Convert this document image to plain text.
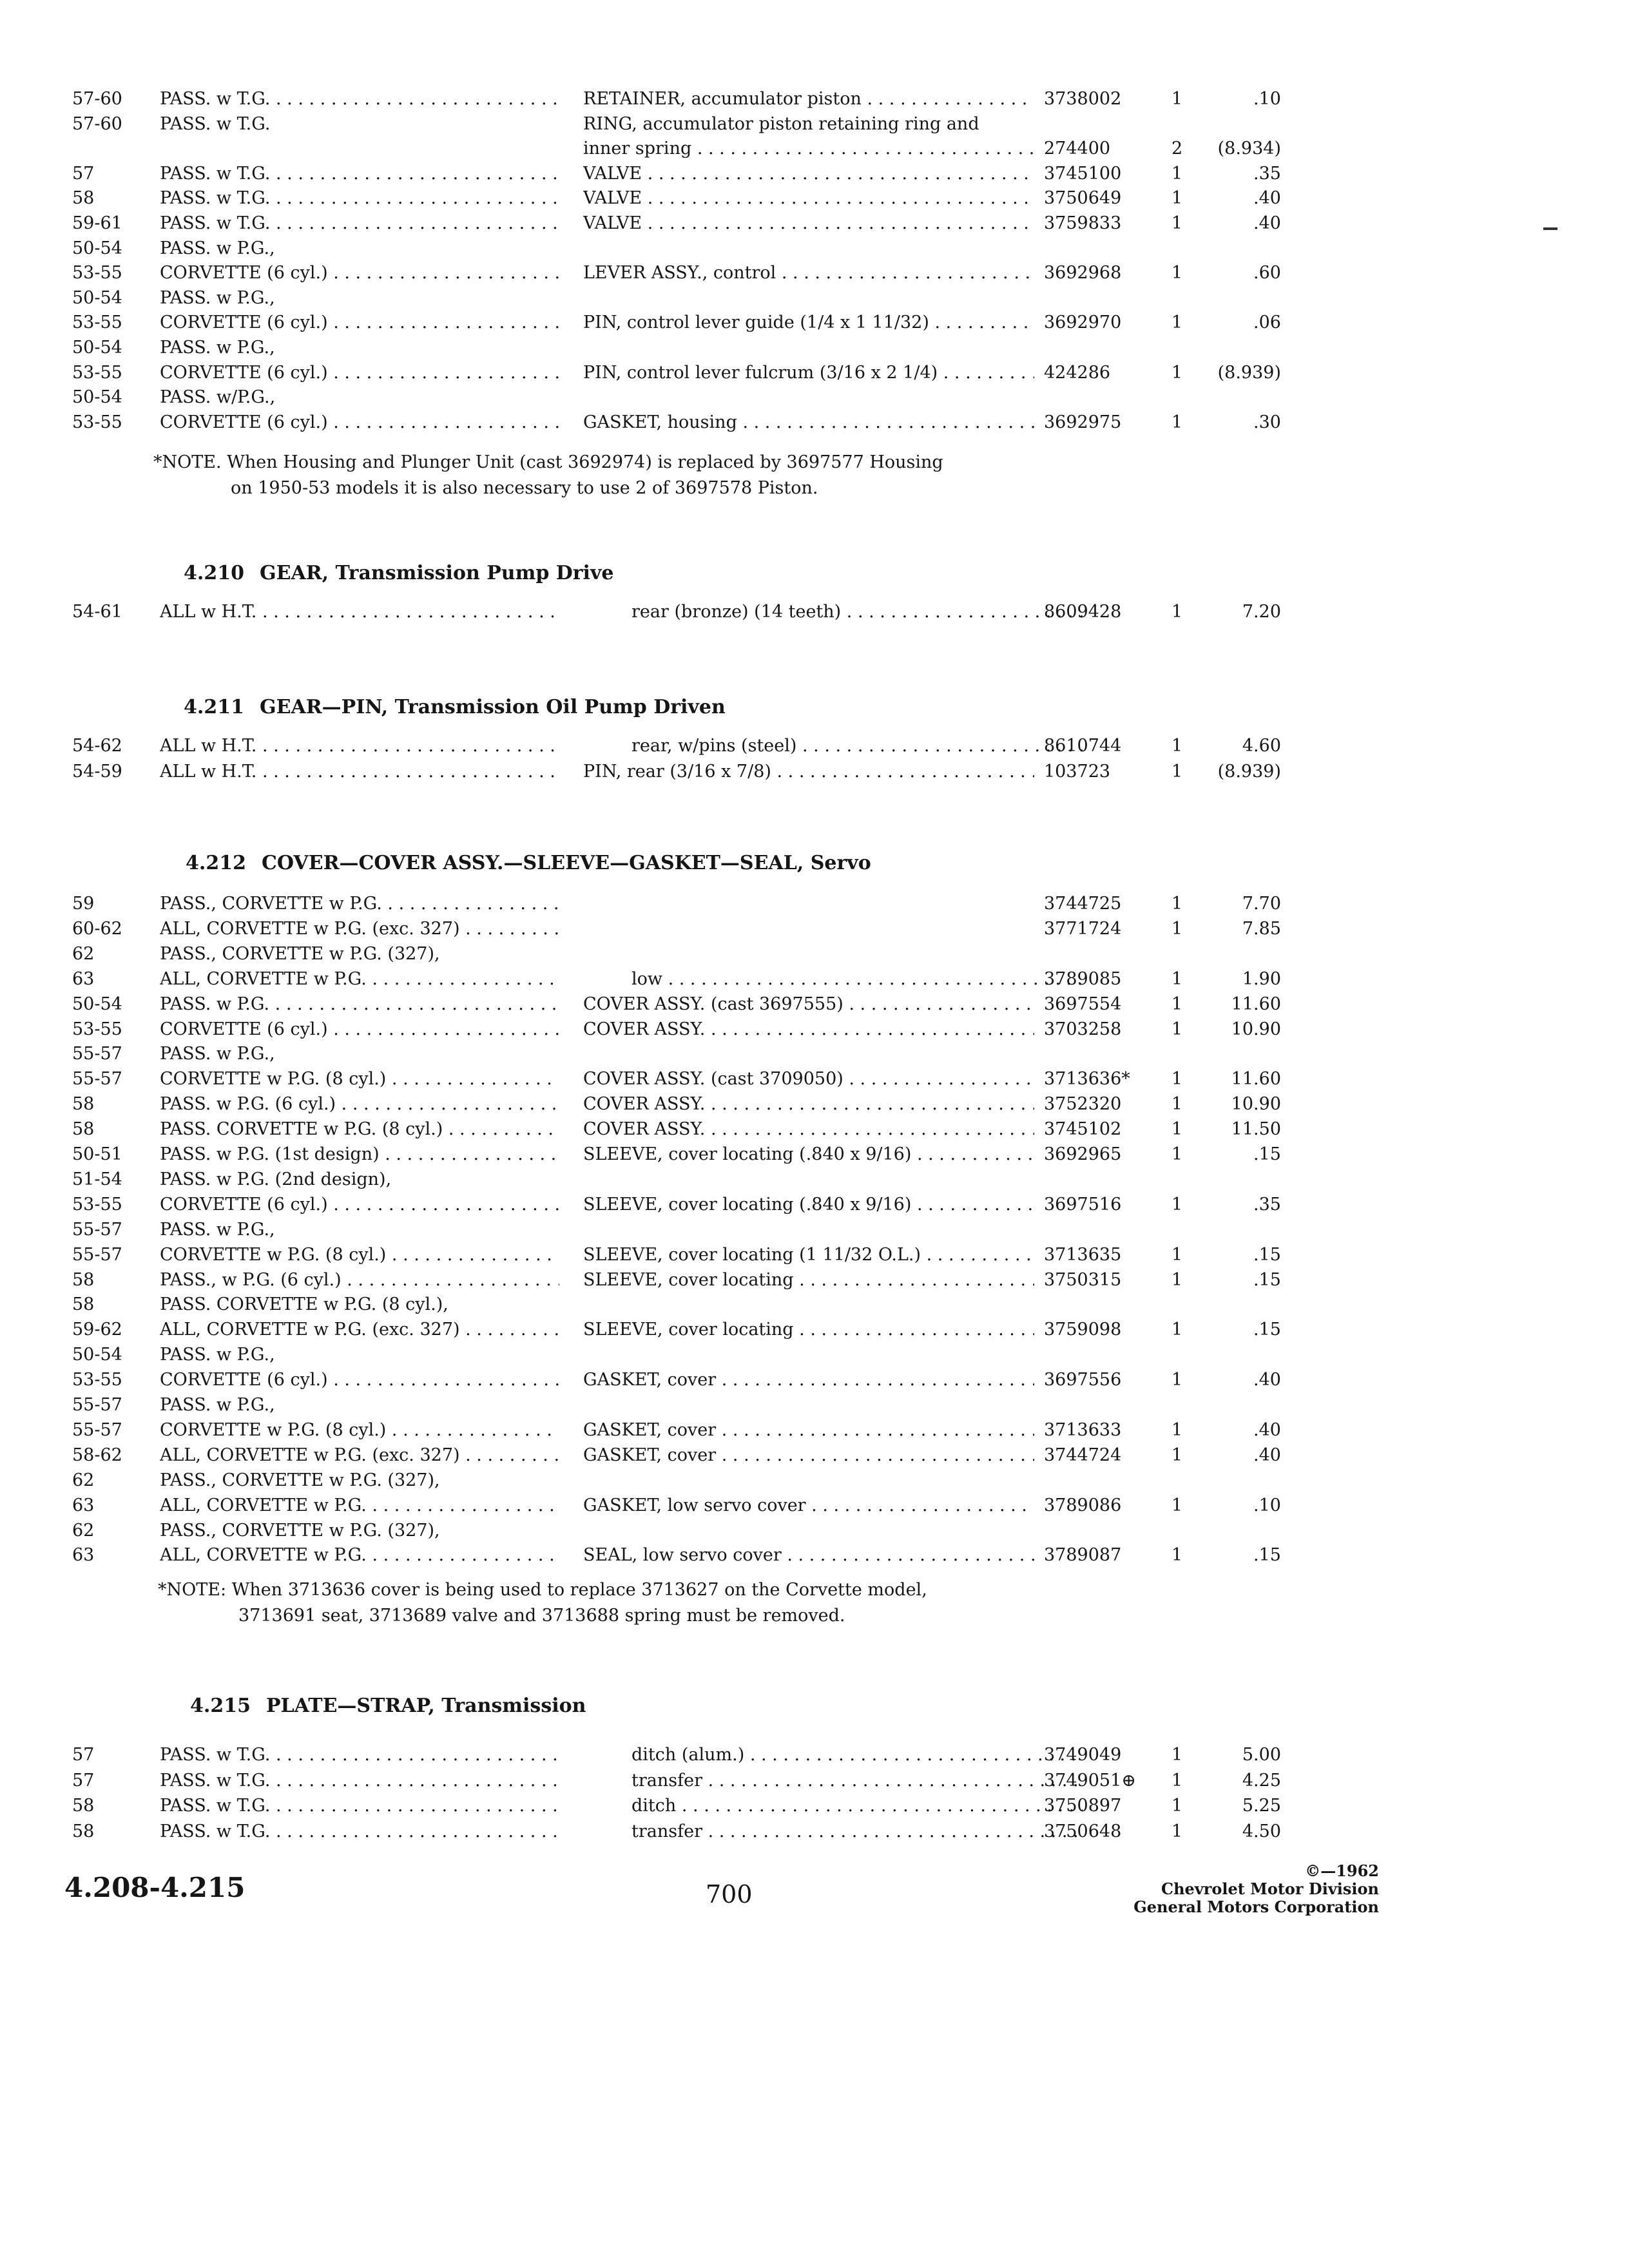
57-60	PASS. w T.G. . . .	RETAINER, accumulator piston . . .	3738002	1	.10
57-60	PASS. w T.G.	RING, accumulator piston retaining ring and
inner spring . . .	274400	2	(8.934)
57	PASS. w T.G. . . .	VALVE . . .	3745100	1	.35
58	PASS. w T.G. . . .	VALVE . . .	3750649	1	.40
59-61	PASS. w T.G. . . .	VALVE . . .	3759833	1	.40
50-54	PASS. w P.G.,
53-55	CORVETTE (6 cyl.) . . .	LEVER ASSY., control . . .	3692968	1	.60
50-54	PASS. w P.G.,
53-55	CORVETTE (6 cyl.) . . .	PIN, control lever guide (1/4 x 1 11/32) . . .	3692970	1	.06
50-54	PASS. w P.G.,
53-55	CORVETTE (6 cyl.) . . .	PIN, control lever fulcrum (3/16 x 2 1/4) . . .	424286	1	(8.939)
50-54	PASS. w/P.G.,
53-55	CORVETTE (6 cyl.) . . .	GASKET, housing . . .	3692975	1	.30
*NOTE. When Housing and Plunger Unit (cast 3692974) is replaced by 3697577 Housing
on 1950-53 models it is also necessary to use 2 of 3697578 Piston.
4.210 GEAR, Transmission Pump Drive
54-61	ALL w H.T. . . .	rear (bronze) (14 teeth) . . .	8609428	1	7.20
4.211 GEAR—PIN, Transmission Oil Pump Driven
54-62	ALL w H.T. . . .	rear, w/pins (steel) . . .	8610744	1	4.60
54-59	ALL w H.T. . . .	PIN, rear (3/16 x 7/8) . . .	103723	1	(8.939)
4.212 COVER—COVER ASSY.—SLEEVE—GASKET—SEAL, Servo
59	PASS., CORVETTE w P.G. . . .	3744725	1	7.70
60-62	ALL, CORVETTE w P.G. (exc. 327) . . .	3771724	1	7.85
62	PASS., CORVETTE w P.G. (327),
63	ALL, CORVETTE w P.G. . . .	low . . .	3789085	1	1.90
50-54	PASS. w P.G. . . .	COVER ASSY. (cast 3697555) . . .	3697554	1	11.60
53-55	CORVETTE (6 cyl.) . . .	COVER ASSY. . . .	3703258	1	10.90
55-57	PASS. w P.G.,
55-57	CORVETTE w P.G. (8 cyl.) . . .	COVER ASSY. (cast 3709050) . . .	3713636*	1	11.60
58	PASS. w P.G. (6 cyl.) . . .	COVER ASSY. . . .	3752320	1	10.90
58	PASS. CORVETTE w P.G. (8 cyl.) . . .	COVER ASSY. . . .	3745102	1	11.50
50-51	PASS. w P.G. (1st design) . . .	SLEEVE, cover locating (.840 x 9/16) . . .	3692965	1	.15
51-54	PASS. w P.G. (2nd design),
53-55	CORVETTE (6 cyl.) . . .	SLEEVE, cover locating (.840 x 9/16) . . .	3697516	1	.35
55-57	PASS. w P.G.,
55-57	CORVETTE w P.G. (8 cyl.) . . .	SLEEVE, cover locating (1 11/32 O.L.) . . .	3713635	1	.15
58	PASS., w P.G. (6 cyl.) . . .	SLEEVE, cover locating . . .	3750315	1	.15
58	PASS. CORVETTE w P.G. (8 cyl.),
59-62	ALL, CORVETTE w P.G. (exc. 327) . . .	SLEEVE, cover locating . . .	3759098	1	.15
50-54	PASS. w P.G.,
53-55	CORVETTE (6 cyl.) . . .	GASKET, cover . . .	3697556	1	.40
55-57	PASS. w P.G.,
55-57	CORVETTE w P.G. (8 cyl.) . . .	GASKET, cover . . .	3713633	1	.40
58-62	ALL, CORVETTE w P.G. (exc. 327) . . .	GASKET, cover . . .	3744724	1	.40
62	PASS., CORVETTE w P.G. (327),
63	ALL, CORVETTE w P.G. . . .	GASKET, low servo cover . . .	3789086	1	.10
62	PASS., CORVETTE w P.G. (327),
63	ALL, CORVETTE w P.G. . . .	SEAL, low servo cover . . .	3789087	1	.15
*NOTE: When 3713636 cover is being used to replace 3713627 on the Corvette model,
3713691 seat, 3713689 valve and 3713688 spring must be removed.
4.215 PLATE—STRAP, Transmission
57	PASS. w T.G. . . .	ditch (alum.) . . .	3749049	1	5.00
57	PASS. w T.G. . . .	transfer . . .	3749051⊕	1	4.25
58	PASS. w T.G. . . .	ditch . . .	3750897	1	5.25
58	PASS. w T.G. . . .	transfer . . .	3750648	1	4.50
4.208-4.215	700
©—1962
Chevrolet Motor Division
General Motors Corporation
